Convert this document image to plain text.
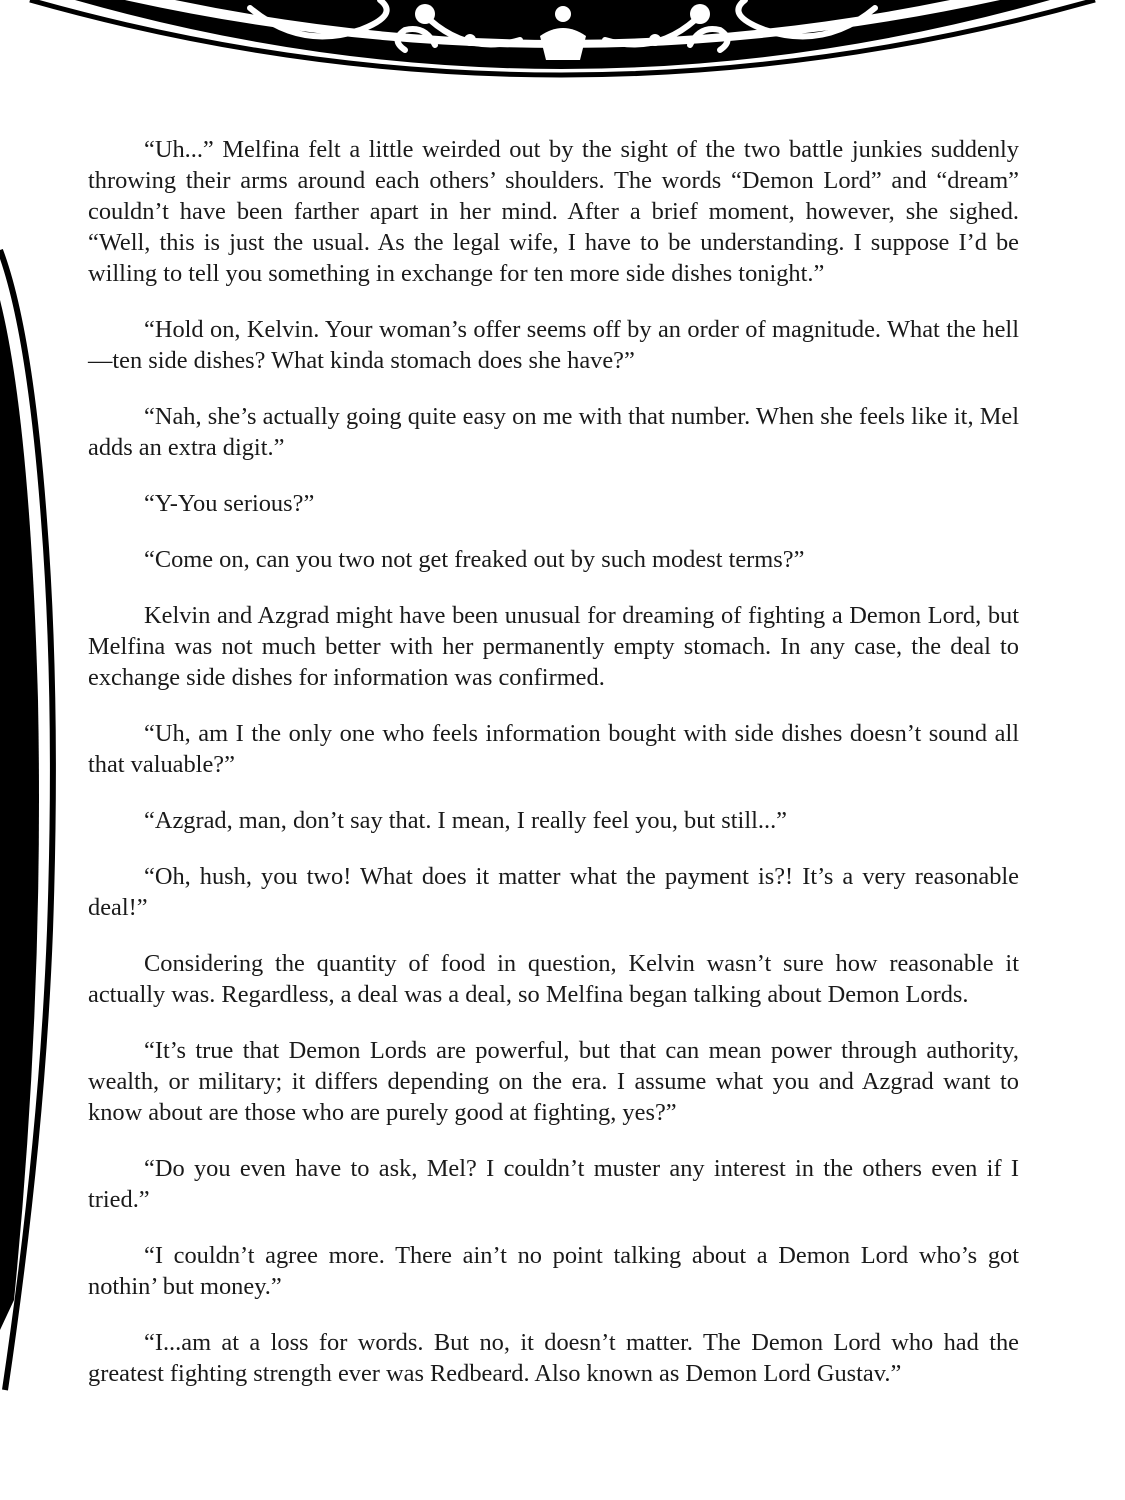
“Uh...” Melfina felt a little weirded out by the sight of the two battle junkies suddenly throwing their arms around each others’ shoulders. The words “Demon Lord” and “dream” couldn’t have been farther apart in her mind. After a brief moment, however, she sighed. “Well, this is just the usual. As the legal wife, I have to be understanding. I suppose I’d be willing to tell you something in exchange for ten more side dishes tonight.”

“Hold on, Kelvin. Your woman’s offer seems off by an order of magnitude. What the hell—ten side dishes? What kinda stomach does she have?”

“Nah, she’s actually going quite easy on me with that number. When she feels like it, Mel adds an extra digit.”

“Y-You serious?”

“Come on, can you two not get freaked out by such modest terms?”

Kelvin and Azgrad might have been unusual for dreaming of fighting a Demon Lord, but Melfina was not much better with her permanently empty stomach. In any case, the deal to exchange side dishes for information was confirmed.

“Uh, am I the only one who feels information bought with side dishes doesn’t sound all that valuable?”

“Azgrad, man, don’t say that. I mean, I really feel you, but still...”

“Oh, hush, you two! What does it matter what the payment is?! It’s a very reasonable deal!”

Considering the quantity of food in question, Kelvin wasn’t sure how reasonable it actually was. Regardless, a deal was a deal, so Melfina began talking about Demon Lords.

“It’s true that Demon Lords are powerful, but that can mean power through authority, wealth, or military; it differs depending on the era. I assume what you and Azgrad want to know about are those who are purely good at fighting, yes?”

“Do you even have to ask, Mel? I couldn’t muster any interest in the others even if I tried.”

“I couldn’t agree more. There ain’t no point talking about a Demon Lord who’s got nothin’ but money.”

“I...am at a loss for words. But no, it doesn’t matter. The Demon Lord who had the greatest fighting strength ever was Redbeard. Also known as Demon Lord Gustav.”
